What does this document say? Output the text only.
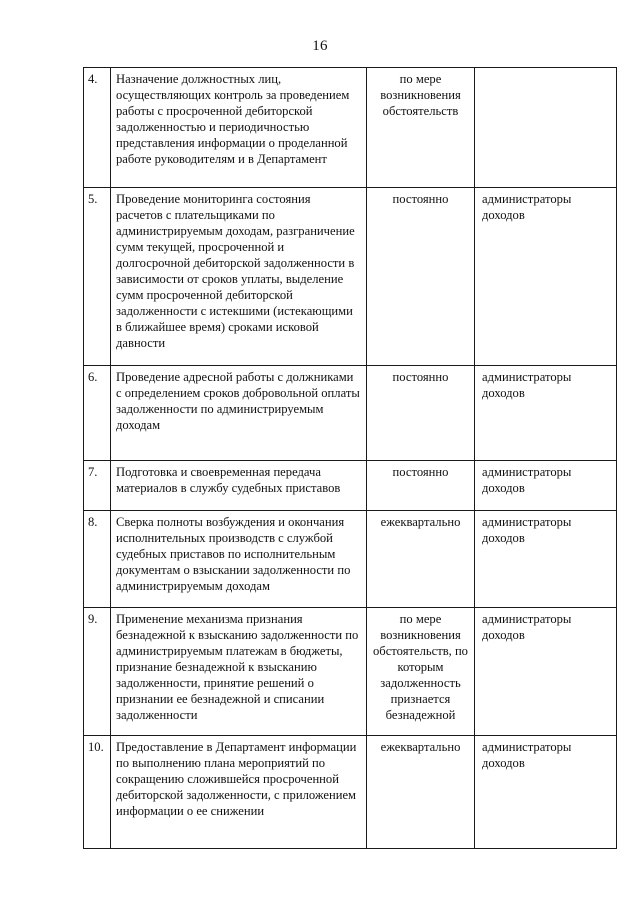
16
4.	Назначение должностных лиц, осуществляющих контроль за проведением работы с просроченной дебиторской задолженностью и периодичностью представления информации о проделанной работе руководителям и в Департамент	по мере возникновения обстоятельств	
5.	Проведение мониторинга состояния расчетов с плательщиками по администрируемым доходам, разграничение сумм текущей, просроченной и долгосрочной дебиторской задолженности в зависимости от сроков уплаты, выделение сумм просроченной дебиторской задолженности с истекшими (истекающими в ближайшее время) сроками исковой давности	постоянно	администраторы доходов
6.	Проведение адресной работы с должниками с определением сроков добровольной оплаты задолженности по администрируемым доходам	постоянно	администраторы доходов
7.	Подготовка и своевременная передача материалов в службу судебных приставов	постоянно	администраторы доходов
8.	Сверка полноты возбуждения и окончания исполнительных производств с службой судебных приставов по исполнительным документам о взыскании задолженности по администрируемым доходам	ежеквартально	администраторы доходов
9.	Применение механизма признания безнадежной к взысканию задолженности по администрируемым платежам в бюджеты, признание безнадежной к взысканию задолженности, принятие решений о признании ее безнадежной и списании задолженности	по мере возникновения обстоятельств, по которым задолженность признается безнадежной	администраторы доходов
10.	Предоставление в Департамент информации по выполнению плана мероприятий по сокращению сложившейся просроченной дебиторской задолженности, с приложением информации о ее снижении	ежеквартально	администраторы доходов
